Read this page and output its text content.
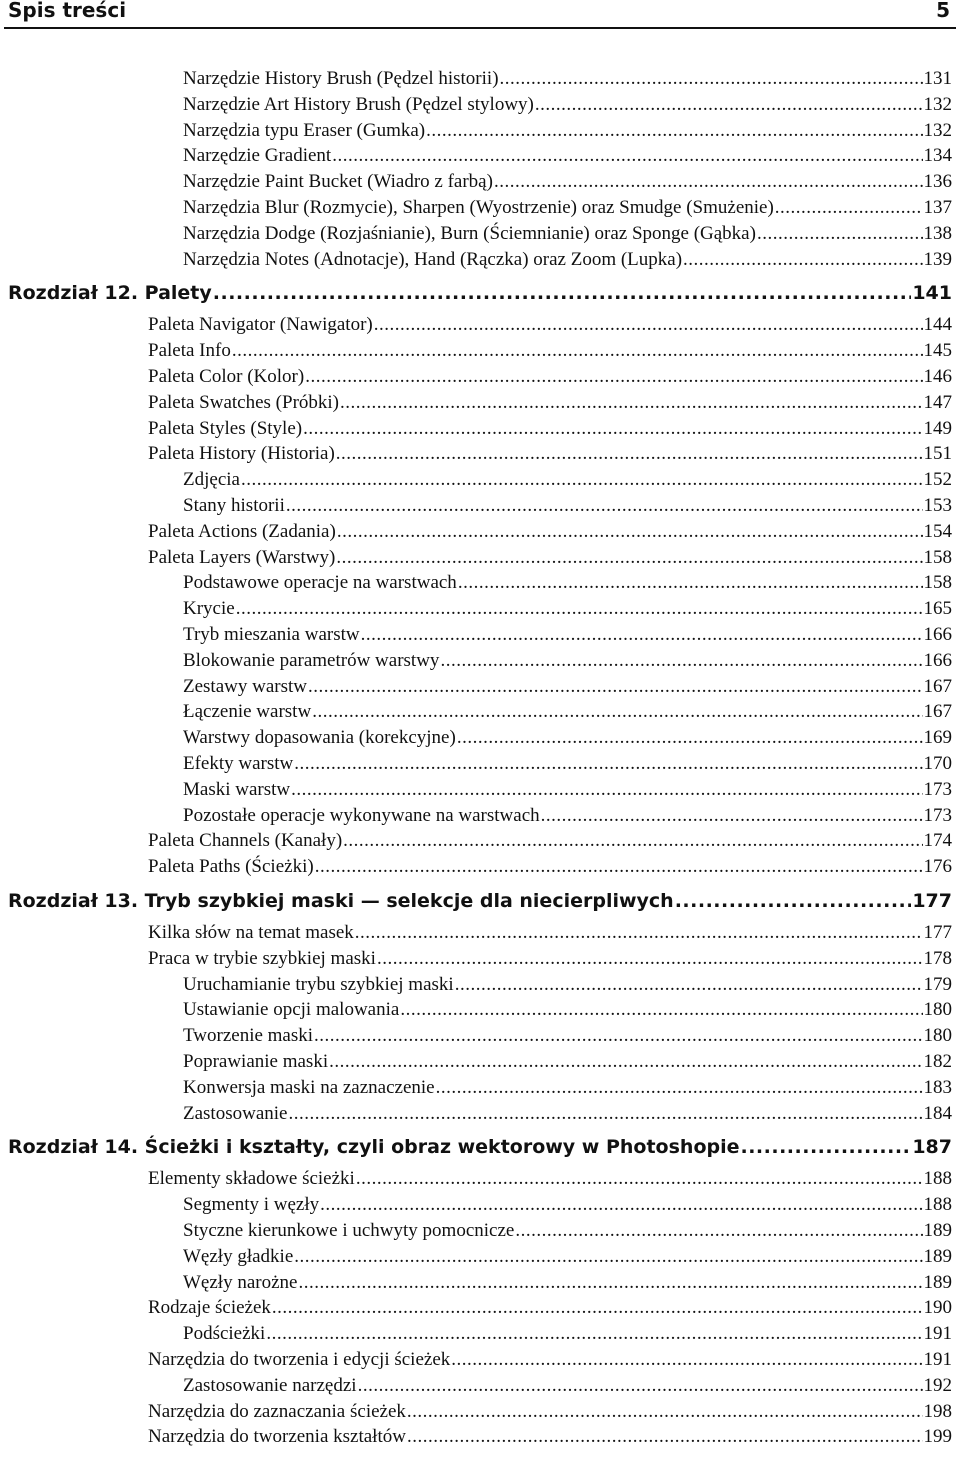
Spis treści	5
Narzędzie History Brush (Pędzel historii) .....	131
Narzędzie Art History Brush (Pędzel stylowy) .....	132
Narzędzia typu Eraser (Gumka) .....	132
Narzędzie Gradient .....	134
Narzędzie Paint Bucket (Wiadro z farbą) .....	136
Narzędzia Blur (Rozmycie), Sharpen (Wyostrzenie) oraz Smudge (Smużenie) .....	137
Narzędzia Dodge (Rozjaśnianie), Burn (Ściemnianie) oraz Sponge (Gąbka) .....	138
Narzędzia Notes (Adnotacje), Hand (Rączka) oraz Zoom (Lupka) .....	139
Rozdział 12. Palety .....	141
Paleta Navigator (Nawigator) .....	144
Paleta Info .....	145
Paleta Color (Kolor) .....	146
Paleta Swatches (Próbki) .....	147
Paleta Styles (Style) .....	149
Paleta History (Historia) .....	151
Zdjęcia .....	152
Stany historii .....	153
Paleta Actions (Zadania) .....	154
Paleta Layers (Warstwy) .....	158
Podstawowe operacje na warstwach .....	158
Krycie .....	165
Tryb mieszania warstw .....	166
Blokowanie parametrów warstwy .....	166
Zestawy warstw .....	167
Łączenie warstw .....	167
Warstwy dopasowania (korekcyjne) .....	169
Efekty warstw .....	170
Maski warstw .....	173
Pozostałe operacje wykonywane na warstwach .....	173
Paleta Channels (Kanały) .....	174
Paleta Paths (Ścieżki) .....	176
Rozdział 13. Tryb szybkiej maski — selekcje dla niecierpliwych .....	177
Kilka słów na temat masek .....	177
Praca w trybie szybkiej maski .....	178
Uruchamianie trybu szybkiej maski .....	179
Ustawianie opcji malowania .....	180
Tworzenie maski .....	180
Poprawianie maski .....	182
Konwersja maski na zaznaczenie .....	183
Zastosowanie .....	184
Rozdział 14. Ścieżki i kształty, czyli obraz wektorowy w Photoshopie .....	187
Elementy składowe ścieżki .....	188
Segmenty i węzły .....	188
Styczne kierunkowe i uchwyty pomocnicze .....	189
Węzły gładkie .....	189
Węzły narożne .....	189
Rodzaje ścieżek .....	190
Podścieżki .....	191
Narzędzia do tworzenia i edycji ścieżek .....	191
Zastosowanie narzędzi .....	192
Narzędzia do zaznaczania ścieżek .....	198
Narzędzia do tworzenia kształtów .....	199
